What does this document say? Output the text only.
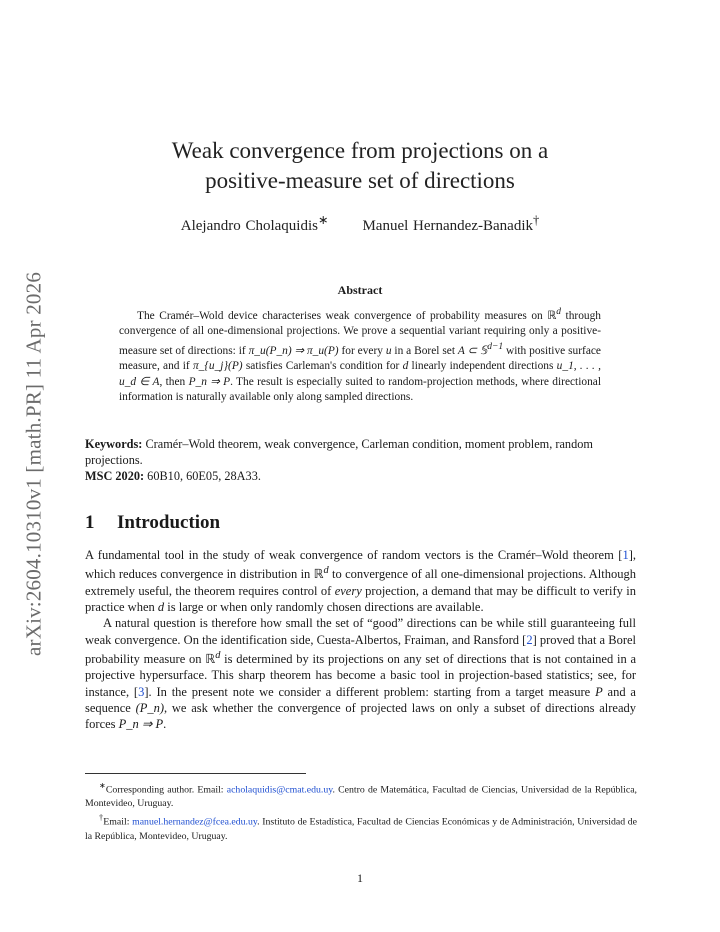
arXiv:2604.10310v1 [math.PR] 11 Apr 2026
Weak convergence from projections on a
positive-measure set of directions
Alejandro Cholaquidis∗ Manuel Hernandez-Banadik†
Abstract

The Cramér–Wold device characterises weak convergence of probability measures on ℝ$^d$ through convergence of all one-dimensional projections. We prove a sequential variant requiring only a positive-measure set of directions: if π_u(P_n) ⇒ π_u(P) for every u in a Borel set A ⊂ 𝕊$^{d-1}$ with positive surface measure, and if π_{u_j}(P) satisfies Carleman's condition for d linearly independent directions u_1, . . . , u_d ∈ A, then P_n ⇒ P. The result is especially suited to random-projection methods, where directional information is naturally available only along sampled directions.

Keywords: Cramér–Wold theorem, weak convergence, Carleman condition, moment problem, random projections.
MSC 2020: 60B10, 60E05, 28A33.
1 Introduction

A fundamental tool in the study of weak convergence of random vectors is the Cramér–Wold theorem [1], which reduces convergence in distribution in ℝ$^d$ to convergence of all one-dimensional projections. Although extremely useful, the theorem requires control of every projection, a demand that may be difficult to verify in practice when d is large or when only randomly chosen directions are available.

A natural question is therefore how small the set of “good” directions can be while still guaranteeing full weak convergence. On the identification side, Cuesta-Albertos, Fraiman, and Ransford [2] proved that a Borel probability measure on ℝ$^d$ is determined by its projections on any set of directions that is not contained in a projective hypersurface. This sharp theorem has become a basic tool in projection-based statistics; see, for instance, [3]. In the present note we consider a different problem: starting from a target measure P and a sequence (P_n), we ask whether the convergence of projected laws on only a subset of directions already forces P_n ⇒ P.

∗Corresponding author. Email: acholaquidis@cmat.edu.uy. Centro de Matemática, Facultad de Ciencias, Universidad de la República, Montevideo, Uruguay.

†Email: manuel.hernandez@fcea.edu.uy. Instituto de Estadística, Facultad de Ciencias Económicas y de Administración, Universidad de la República, Montevideo, Uruguay.

1
